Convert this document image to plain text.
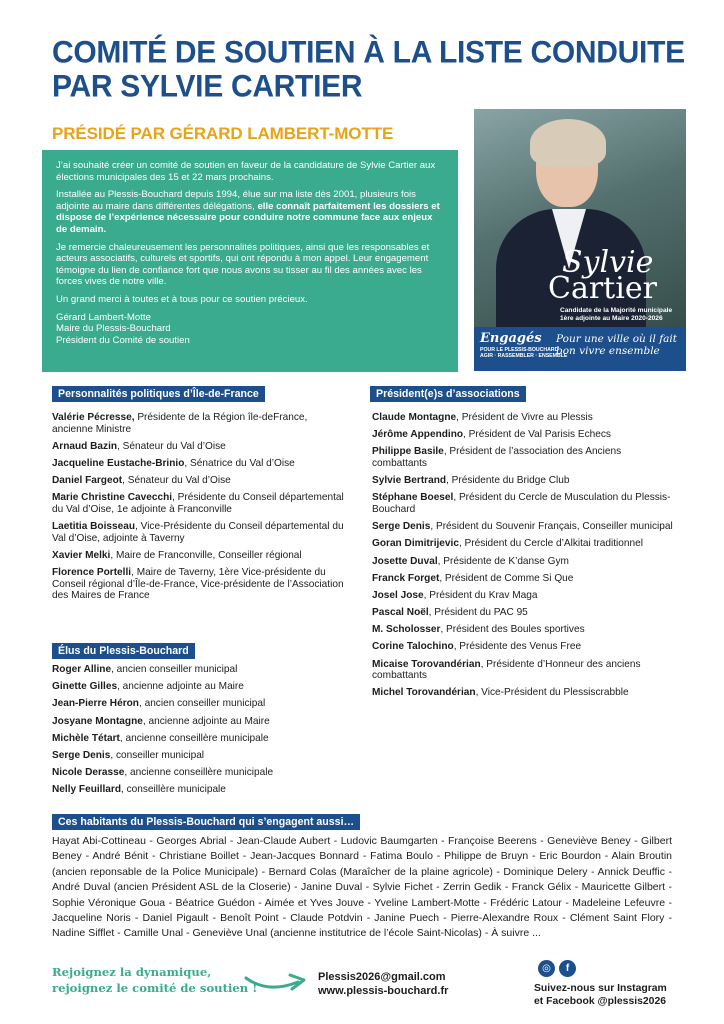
COMITÉ DE SOUTIEN À LA LISTE CONDUITE
PAR SYLVIE CARTIER
PRÉSIDÉ PAR GÉRARD LAMBERT-MOTTE

J’ai souhaité créer un comité de soutien en faveur de la candidature de Sylvie Cartier aux élections municipales des 15 et 22 mars prochains.

Installée au Plessis-Bouchard depuis 1994, élue sur ma liste dès 2001, plusieurs fois adjointe au maire dans différentes délégations, elle connaît parfaitement les dossiers et dispose de l’expérience nécessaire pour conduire notre commune face aux enjeux de demain.

Je remercie chaleureusement les personnalités politiques, ainsi que les responsables et acteurs associatifs, culturels et sportifs, qui ont répondu à mon appel. Leur engagement témoigne du lien de confiance fort que nous avons su tisser au fil des années avec les forces vives de notre ville.

Un grand merci à toutes et à tous pour ce soutien précieux.

Gérard Lambert-Motte
Maire du Plessis-Bouchard
Président du Comité de soutien

Sylvie
Cartier
Candidate de la Majorité municipale
1ère adjointe au Maire 2020-2026
Engagés
POUR LE PLESSIS-BOUCHARD
AGIR · RASSEMBLER · ENSEMBLE
Pour une ville où il fait bon vivre ensemble
Personnalités politiques d’Île-de-France
Valérie Pécresse, Présidente de la Région île-deFrance, ancienne Ministre
Arnaud Bazin, Sénateur du Val d’Oise
Jacqueline Eustache-Brinio, Sénatrice du Val d’Oise
Daniel Fargeot, Sénateur du Val d’Oise
Marie Christine Cavecchi, Présidente du Conseil départemental du Val d’Oise, 1e adjointe à Franconville
Laetitia Boisseau, Vice-Présidente du Conseil départemental du Val d’Oise, adjointe à Taverny
Xavier Melki, Maire de Franconville, Conseiller régional
Florence Portelli, Maire de Taverny, 1ère Vice-présidente du Conseil régional d’Île-de-France, Vice-présidente de l’Association des Maires de France
Élus du Plessis-Bouchard
Roger Alline, ancien conseiller municipal
Ginette Gilles, ancienne adjointe au Maire
Jean-Pierre Héron, ancien conseiller municipal
Josyane Montagne, ancienne adjointe au Maire
Michèle Tétart, ancienne conseillère municipale
Serge Denis, conseiller municipal
Nicole Derasse, ancienne conseillère municipale
Nelly Feuillard, conseillère municipale
Président(e)s d’associations
Claude Montagne, Président de Vivre au Plessis
Jérôme Appendino, Président de Val Parisis Echecs
Philippe Basile, Président de l’association des Anciens combattants
Sylvie Bertrand, Présidente du Bridge Club
Stéphane Boesel, Président du Cercle de Musculation du Plessis-Bouchard
Serge Denis, Président du Souvenir Français, Conseiller municipal
Goran Dimitrijevic, Président du Cercle d’Alkitai traditionnel
Josette Duval, Présidente de K’danse Gym
Franck Forget, Président de Comme Si Que
Josel Jose, Président du Krav Maga
Pascal Noël, Président du PAC 95
M. Scholosser, Président des Boules sportives
Corine Talochino, Présidente des Venus Free
Micaise Torovandérian, Présidente d’Honneur des anciens combattants
Michel Torovandérian, Vice-Président du Plessiscrabble
Ces habitants du Plessis-Bouchard qui s’engagent aussi…
Hayat Abi-Cottineau - Georges Abrial - Jean-Claude Aubert - Ludovic Baumgarten - Françoise Beerens - Geneviève Beney - Gilbert Beney - André Bénit - Christiane Boillet - Jean-Jacques Bonnard - Fatima Boulo - Philippe de Bruyn - Eric Bourdon - Alain Broutin (ancien reponsable de la Police Municipale) - Bernard Colas (Maraîcher de la plaine agricole) - Dominique Delery - Annick Deuffic - André Duval (ancien Président ASL de la Closerie) - Janine Duval - Sylvie Fichet - Zerrin Gedik - Franck Gélix - Mauricette Gilbert - Sophie Véronique Goua - Béatrice Guédon - Aimée et Yves Jouve - Yveline Lambert-Motte - Frédéric Latour - Madeleine Lefeuvre - Jacqueline Noris - Daniel Pigault - Benoît Point - Claude Potdvin - Janine Puech - Pierre-Alexandre Roux - Clément Saint Flory - Nadine Sifflet - Camille Unal - Geneviève Unal (ancienne institutrice de l’école Saint-Nicolas) - À suivre ...
Rejoignez la dynamique,
rejoignez le comité de soutien !
Plessis2026@gmail.com
www.plessis-bouchard.fr
◎	f
Suivez-nous sur Instagram
et Facebook @plessis2026
